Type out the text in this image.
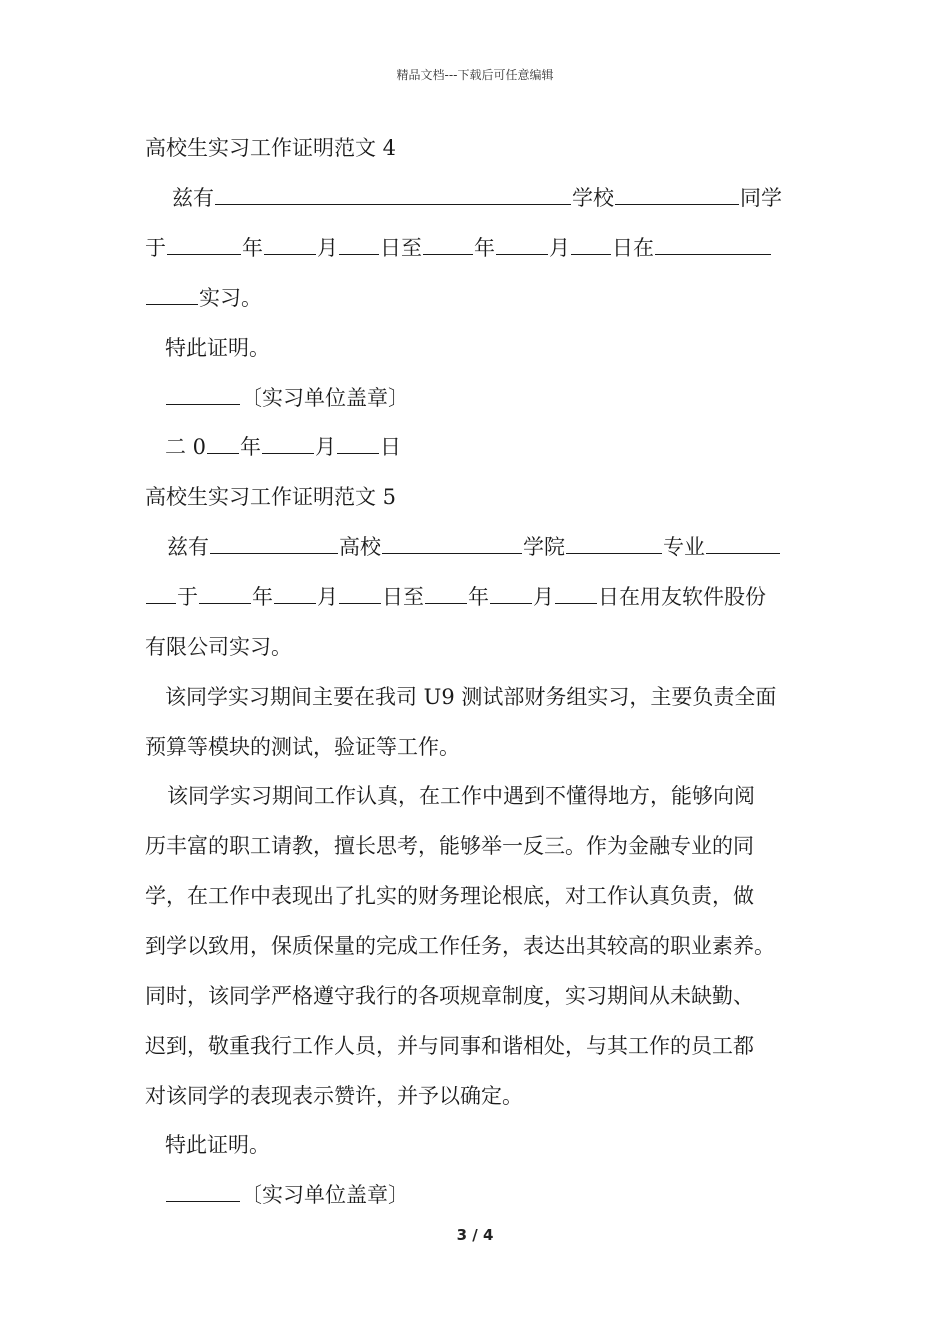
精品文档---下载后可任意编辑
高校生实习工作证明范文 4
兹有	学校	同学
于	年	月 日至 年	月 日在
实习。
特此证明。
〔实习单位盖章〕
二 0 年	月 日
高校生实习工作证明范文 5
兹有	高校	学院	专业
于	年 月 日至 年 月 日在用友软件股份
有限公司实习。
该同学实习期间主要在我司 U9 测试部财务组实习，主要负责全面
预算等模块的测试，验证等工作。
该同学实习期间工作认真，在工作中遇到不懂得地方，能够向阅
历丰富的职工请教，擅长思考，能够举一反三。作为金融专业的同
学，在工作中表现出了扎实的财务理论根底，对工作认真负责，做
到学以致用，保质保量的完成工作任务，表达出其较高的职业素养。
同时，该同学严格遵守我行的各项规章制度，实习期间从未缺勤、
迟到，敬重我行工作人员，并与同事和谐相处，与其工作的员工都
对该同学的表现表示赞许，并予以确定。
特此证明。
〔实习单位盖章〕
3 / 4
